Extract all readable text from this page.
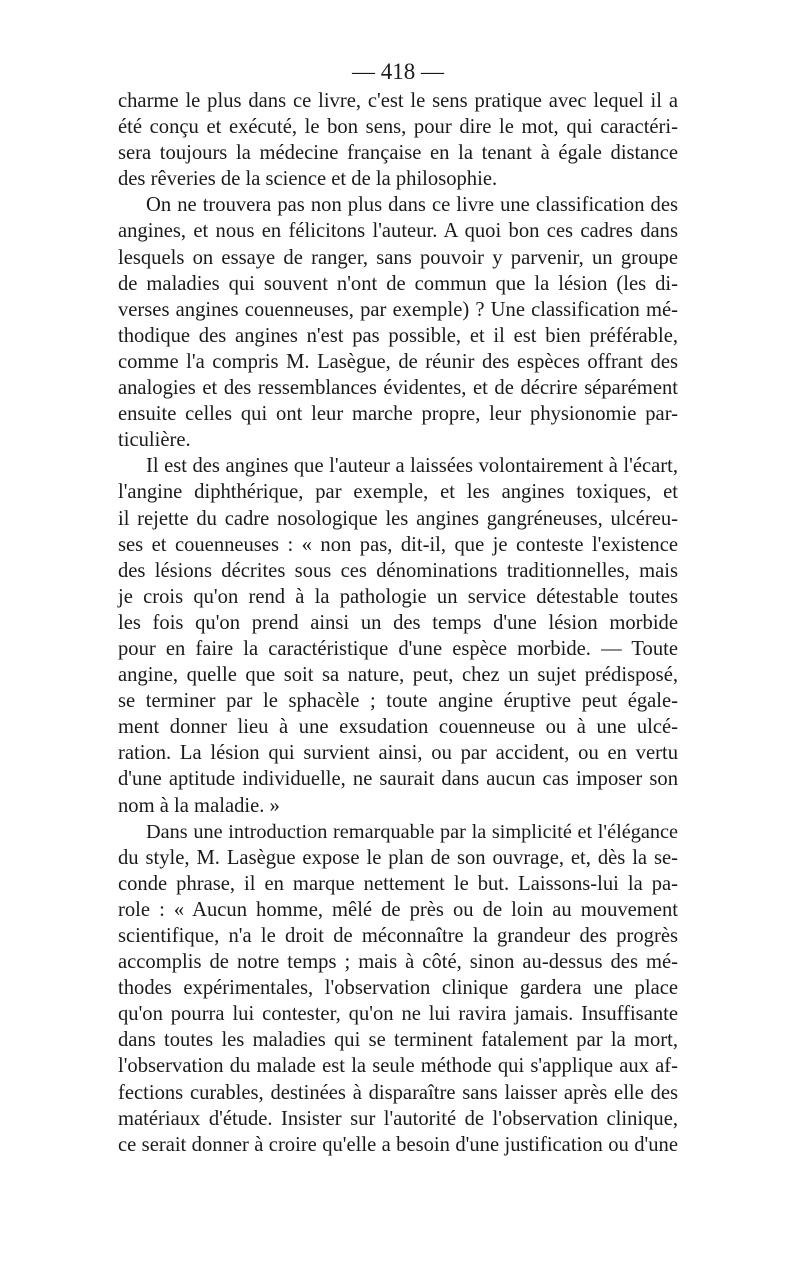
— 418 —
charme le plus dans ce livre, c'est le sens pratique avec lequel il a
été conçu et exécuté, le bon sens, pour dire le mot, qui caractéri-
sera toujours la médecine française en la tenant à égale distance
des rêveries de la science et de la philosophie.
On ne trouvera pas non plus dans ce livre une classification des
angines, et nous en félicitons l'auteur. A quoi bon ces cadres dans
lesquels on essaye de ranger, sans pouvoir y parvenir, un groupe
de maladies qui souvent n'ont de commun que la lésion (les di-
verses angines couenneuses, par exemple) ? Une classification mé-
thodique des angines n'est pas possible, et il est bien préférable,
comme l'a compris M. Lasègue, de réunir des espèces offrant des
analogies et des ressemblances évidentes, et de décrire séparément
ensuite celles qui ont leur marche propre, leur physionomie par-
ticulière.
Il est des angines que l'auteur a laissées volontairement à l'écart,
l'angine diphthérique, par exemple, et les angines toxiques, et
il rejette du cadre nosologique les angines gangréneuses, ulcéreu-
ses et couenneuses : « non pas, dit-il, que je conteste l'existence
des lésions décrites sous ces dénominations traditionnelles, mais
je crois qu'on rend à la pathologie un service détestable toutes
les fois qu'on prend ainsi un des temps d'une lésion morbide
pour en faire la caractéristique d'une espèce morbide. — Toute
angine, quelle que soit sa nature, peut, chez un sujet prédisposé,
se terminer par le sphacèle ; toute angine éruptive peut égale-
ment donner lieu à une exsudation couenneuse ou à une ulcé-
ration. La lésion qui survient ainsi, ou par accident, ou en vertu
d'une aptitude individuelle, ne saurait dans aucun cas imposer son
nom à la maladie. »
Dans une introduction remarquable par la simplicité et l'élégance
du style, M. Lasègue expose le plan de son ouvrage, et, dès la se-
conde phrase, il en marque nettement le but. Laissons-lui la pa-
role : « Aucun homme, mêlé de près ou de loin au mouvement
scientifique, n'a le droit de méconnaître la grandeur des progrès
accomplis de notre temps ; mais à côté, sinon au-dessus des mé-
thodes expérimentales, l'observation clinique gardera une place
qu'on pourra lui contester, qu'on ne lui ravira jamais. Insuffisante
dans toutes les maladies qui se terminent fatalement par la mort,
l'observation du malade est la seule méthode qui s'applique aux af-
fections curables, destinées à disparaître sans laisser après elle des
matériaux d'étude. Insister sur l'autorité de l'observation clinique,
ce serait donner à croire qu'elle a besoin d'une justification ou d'une
